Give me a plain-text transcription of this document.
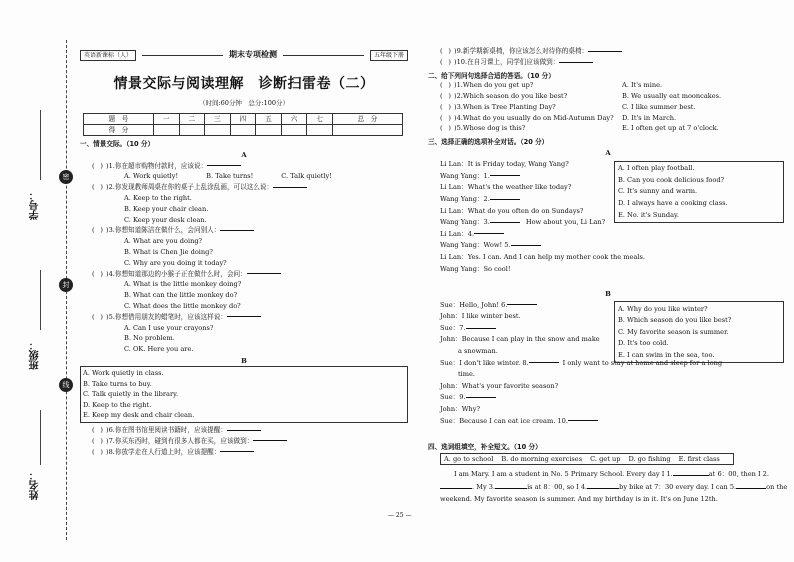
学号：
班级：
姓名：
密
封
线
英语新课标（人）	期末专项检测	五年级下册
情景交际与阅读理解　诊断扫雷卷（二）
（时间:60分钟　总分:100分）
题　号	一	二	三	四	五	六	七	总　分
得　分								
一、情景交际。（10 分）
A
( ) )1. 你在超市购物付款时，应该说：
A. Work quietly!	B. Take turns!	C. Talk quietly!
( ) )2. 你发现教师周桌在你的桌子上乱涂乱画，可以这么说：
A. Keep to the right.
B. Keep your chair clean.
C. Keep your desk clean.
( ) )3. 你想知道陈洁在做什么，会问别人：
A. What are you doing?
B. What is Chen Jie doing?
C. Why are you doing it today?
( ) )4. 你想知道那边的小猴子正在做什么时，会问：
A. What is the little monkey doing?
B. What can the little monkey do?
C. What does the little monkey do?
( ) )5. 你想借用朋友的蜡笔时，应该这样说：
A. Can I use your crayons?
B. No problem.
C. OK. Here you are.
B
A. Work quietly in class.
B. Take turns to buy.
C. Talk quietly in the library.
D. Keep to the right.
E. Keep my desk and chair clean.
( ) )6. 你在图书馆里阅读书籍时，应该提醒：
( ) )7. 你买东西时，碰到有很多人都在买，应该做到：
( ) )8. 你放学走在人行道上时，应该提醒：
( ) )9. 新学期新桌椅，你应该怎么对待你的桌椅：
( ) )10. 在自习课上，同学们应该做到：
二、给下列问句选择合适的答语。（10 分）
( ) )1.When do you get up?	A. It's mine.
( ) )2.Which season do you like best?	B. We usually eat mooncakes.
( ) )3.When is Tree Planting Day?	C. I like summer best.
( ) )4.What do you usually do on Mid-Autumn Day?	D. It's in March.
( ) )5.Whose dog is this?	E. I often get up at 7 o'clock.
三、选择正确的选项补全对话。（20 分）
A
Li Lan：It is Friday today, Wang Yang?
Wang Yang：1.
Li Lan：What's the weather like today?
Wang Yang：2.
Li Lan：What do you often do on Sundays?
Wang Yang：3.	How about you, Li Lan?
Li Lan：4.
Wang Yang：Wow! 5.
Li Lan：Yes. I can. And I can help my mother cook the meals.
Wang Yang：So cool!
A. I often play football.
B. Can you cook delicious food?
C. It's sunny and warm.
D. I always have a cooking class.
E. No. it's Sunday.
B
Sue：Hello, John! 6.
John：I like winter best.
Sue：7.
John：Because I can play in the snow and make
a snowman.
Sue：I don't like winter. 8.	I only want to stay at home and sleep for a long
time.
John：What's your favorite season?
Sue：9.
John：Why?
Sue：Because I can eat ice cream. 10.
A. Why do you like winter?
B. Which season do you like best?
C. My favorite season is summer.
D. It's too cold.
E. I can swim in the sea, too.
四、选词组填空，补全短文。（10 分）
A. go to school B. do morning exercises C. get up D. go fishing E. first class
I am Mary. I am a student in No. 5 Primary School. Every day I 1.	at 6：00, then I 2.. My 3.	is at 8：00, so I 4.	by bike at 7：30 every day. I can 5.	on the weekend. My favorite season is summer. And my birthday is in it. It's on June 12th.
— 25 —
